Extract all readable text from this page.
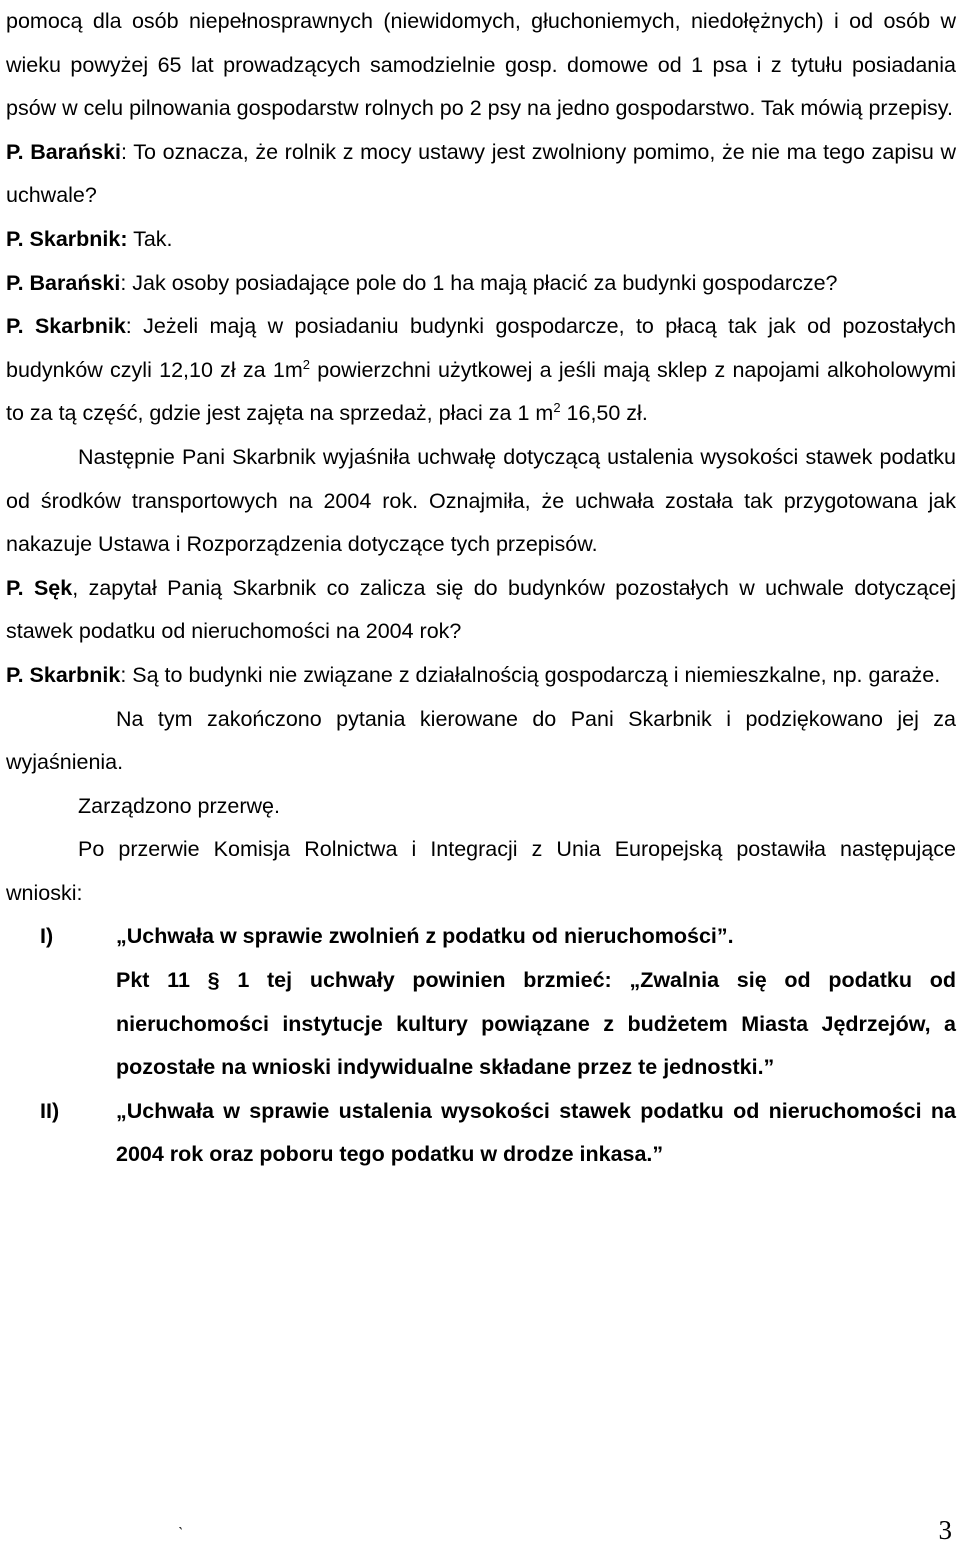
pomocą dla osób niepełnosprawnych (niewidomych, głuchoniemych, niedołężnych) i od osób w wieku powyżej 65 lat prowadzących samodzielnie gosp. domowe od 1 psa i z tytułu posiadania psów w celu pilnowania gospodarstw rolnych po 2 psy na jedno gospodarstwo. Tak mówią przepisy.

P. Barański: To oznacza, że rolnik z mocy ustawy jest zwolniony pomimo, że nie ma tego zapisu w uchwale?

P. Skarbnik: Tak.

P. Barański: Jak osoby posiadające pole do 1 ha mają płacić za budynki gospodarcze?

P. Skarbnik: Jeżeli mają w posiadaniu budynki gospodarcze, to płacą tak jak od pozostałych budynków czyli 12,10 zł za $1m^2$ powierzchni użytkowej a jeśli mają sklep z napojami alkoholowymi to za tą część, gdzie jest zajęta na sprzedaż, płaci za 1 $m^2$ 16,50 zł.

Następnie Pani Skarbnik wyjaśniła uchwałę dotyczącą ustalenia wysokości stawek podatku od środków transportowych na 2004 rok. Oznajmiła, że uchwała została tak przygotowana jak nakazuje Ustawa i Rozporządzenia dotyczące tych przepisów.

P. Sęk, zapytał Panią Skarbnik co zalicza się do budynków pozostałych w uchwale dotyczącej stawek podatku od nieruchomości na 2004 rok?

P. Skarbnik: Są to budynki nie związane z działalnością gospodarczą i niemieszkalne, np. garaże.

Na tym zakończono pytania kierowane do Pani Skarbnik i podziękowano jej za wyjaśnienia.

Zarządzono przerwę.

Po przerwie Komisja Rolnictwa i Integracji z Unia Europejską postawiła następujące wnioski:

I)	„Uchwała w sprawie zwolnień z podatku od nieruchomości”.

Pkt 11 § 1 tej uchwały powinien brzmieć: „Zwalnia się od podatku od nieruchomości instytucje kultury powiązane z budżetem Miasta Jędrzejów, a pozostałe na wnioski indywidualne składane przez te jednostki.”

II)	„Uchwała w sprawie ustalenia wysokości stawek podatku od nieruchomości na 2004 rok oraz poboru tego podatku w drodze inkasa.”

ˎ	3
